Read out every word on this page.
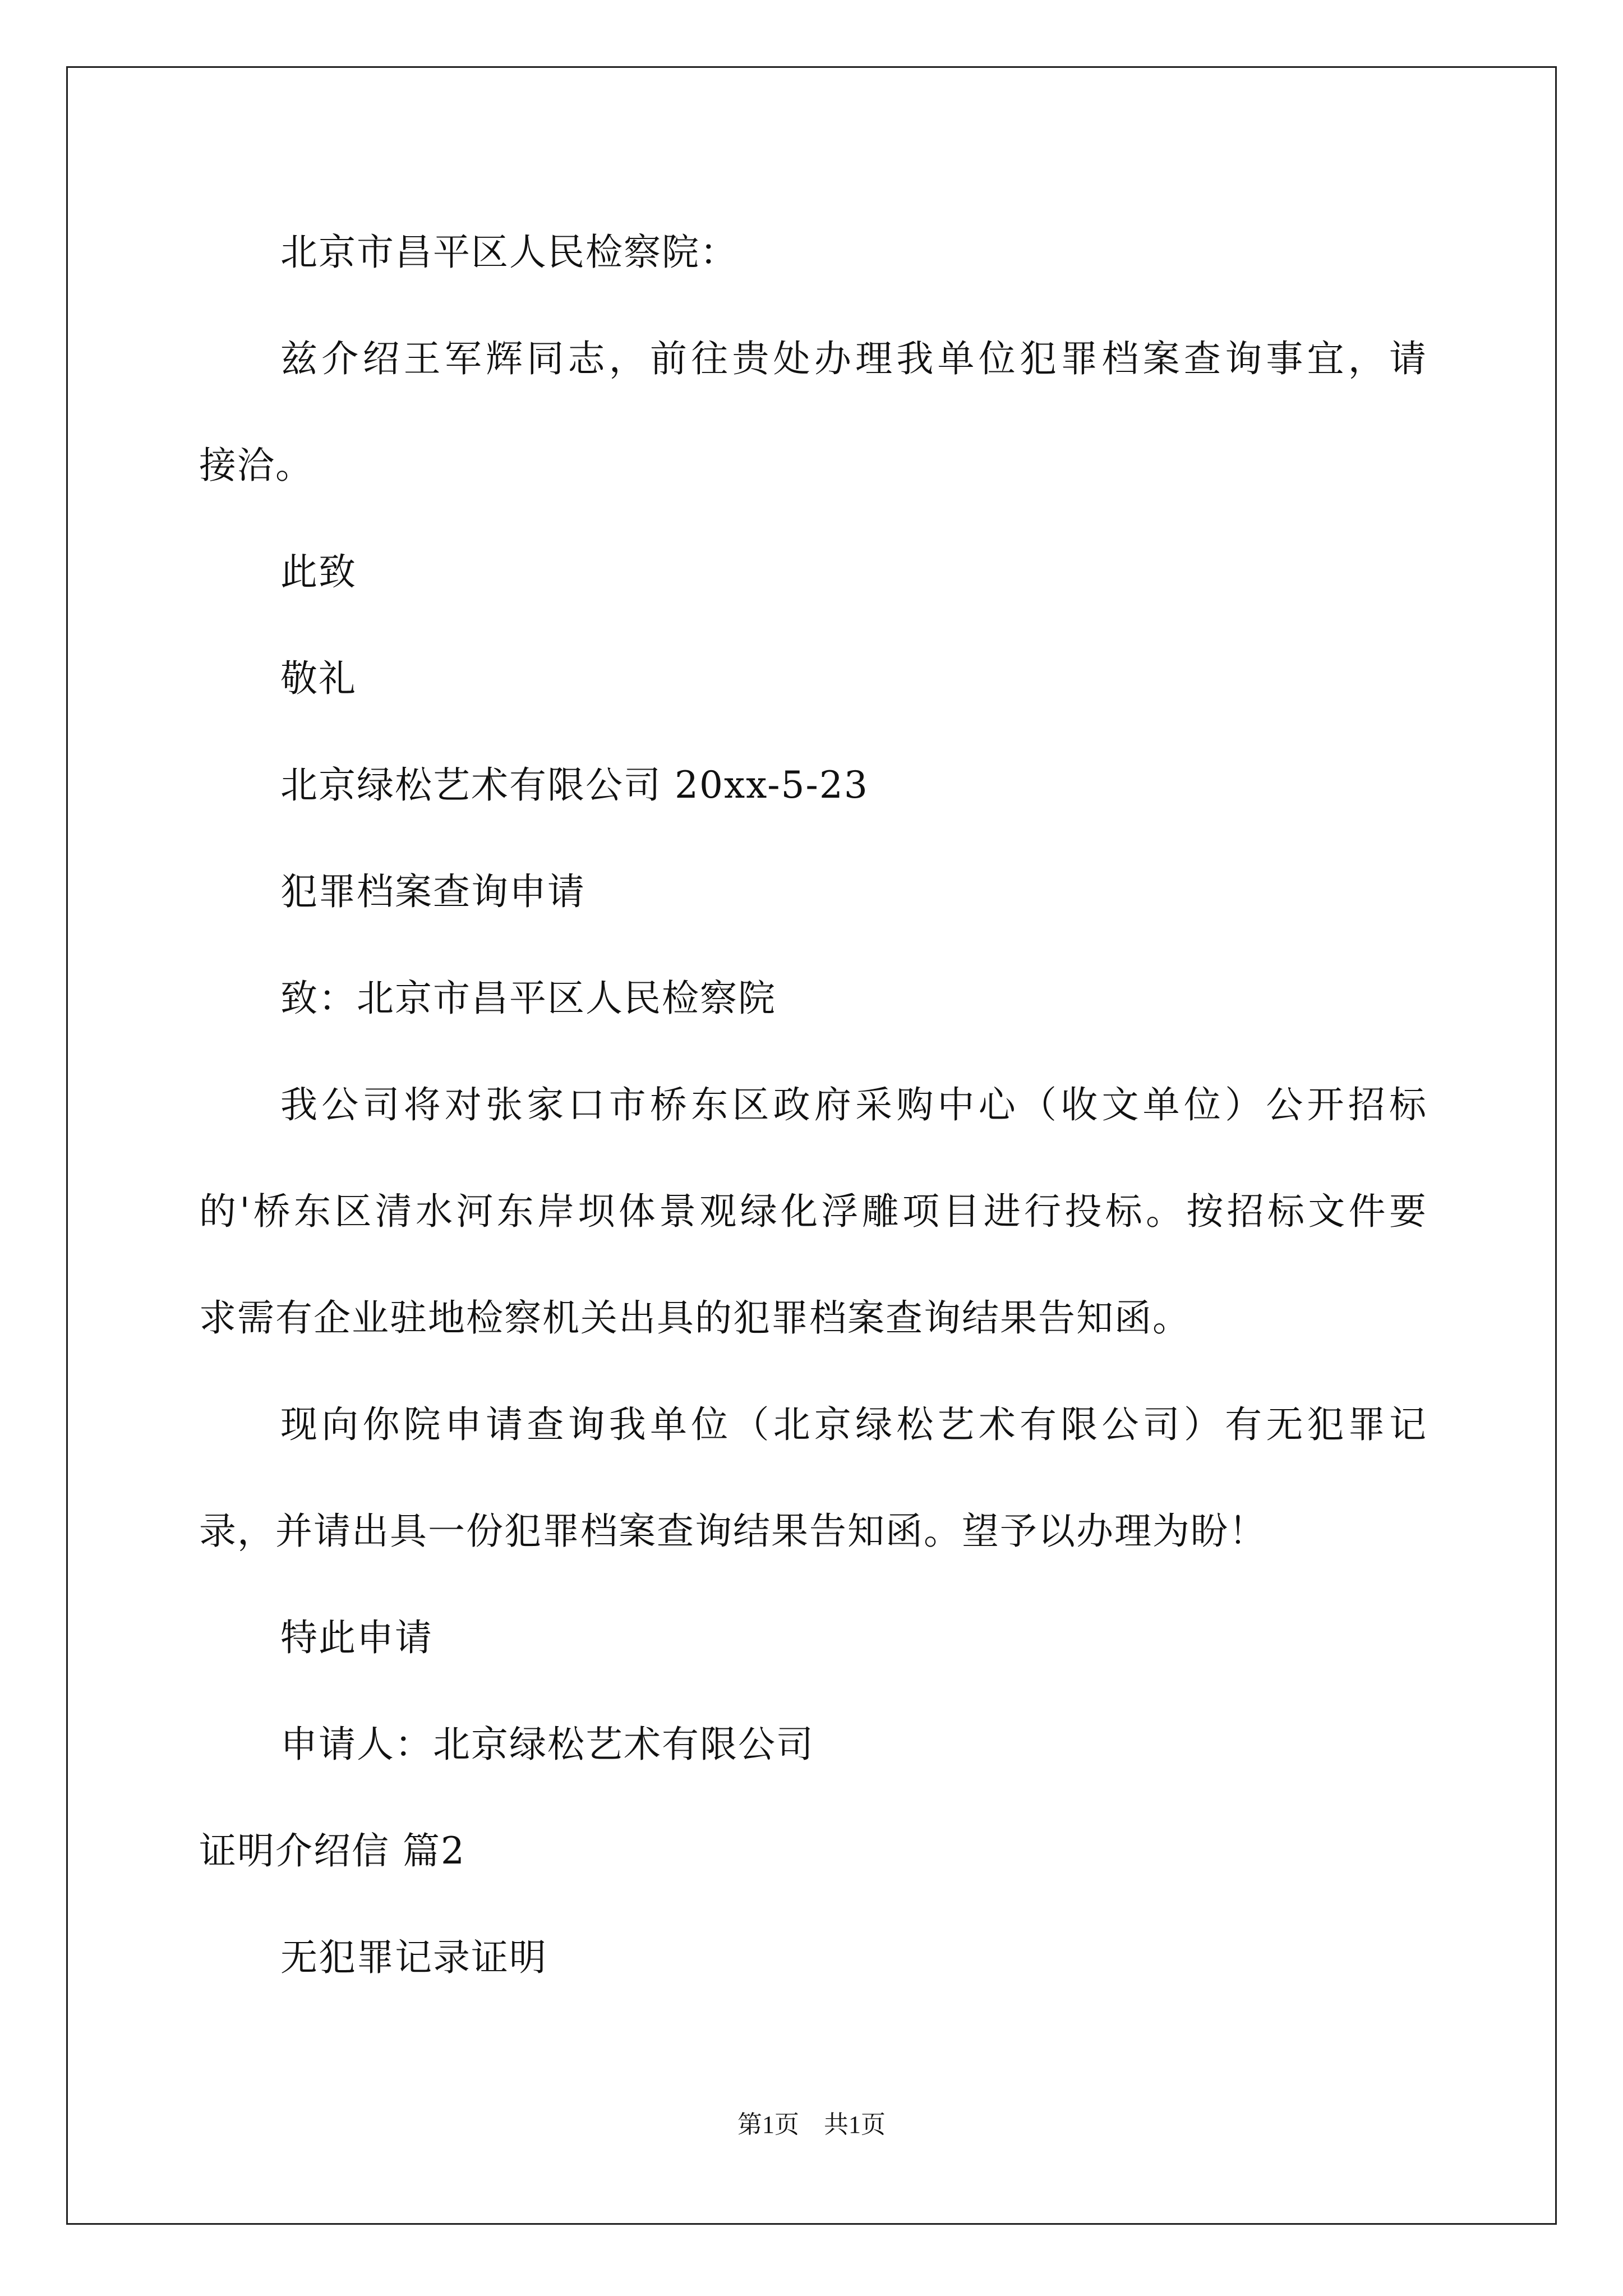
北京市昌平区人民检察院：
兹介绍王军辉同志，前往贵处办理我单位犯罪档案查询事宜，请
接洽。
此致
敬礼
北京绿松艺术有限公司 20xx-5-23
犯罪档案查询申请
致：北京市昌平区人民检察院
我公司将对张家口市桥东区政府采购中心（收文单位）公开招标
的'桥东区清水河东岸坝体景观绿化浮雕项目进行投标。按招标文件要
求需有企业驻地检察机关出具的犯罪档案查询结果告知函。
现向你院申请查询我单位（北京绿松艺术有限公司）有无犯罪记
录，并请出具一份犯罪档案查询结果告知函。望予以办理为盼！
特此申请
申请人：北京绿松艺术有限公司
证明介绍信 篇2
无犯罪记录证明
第1页　共1页
